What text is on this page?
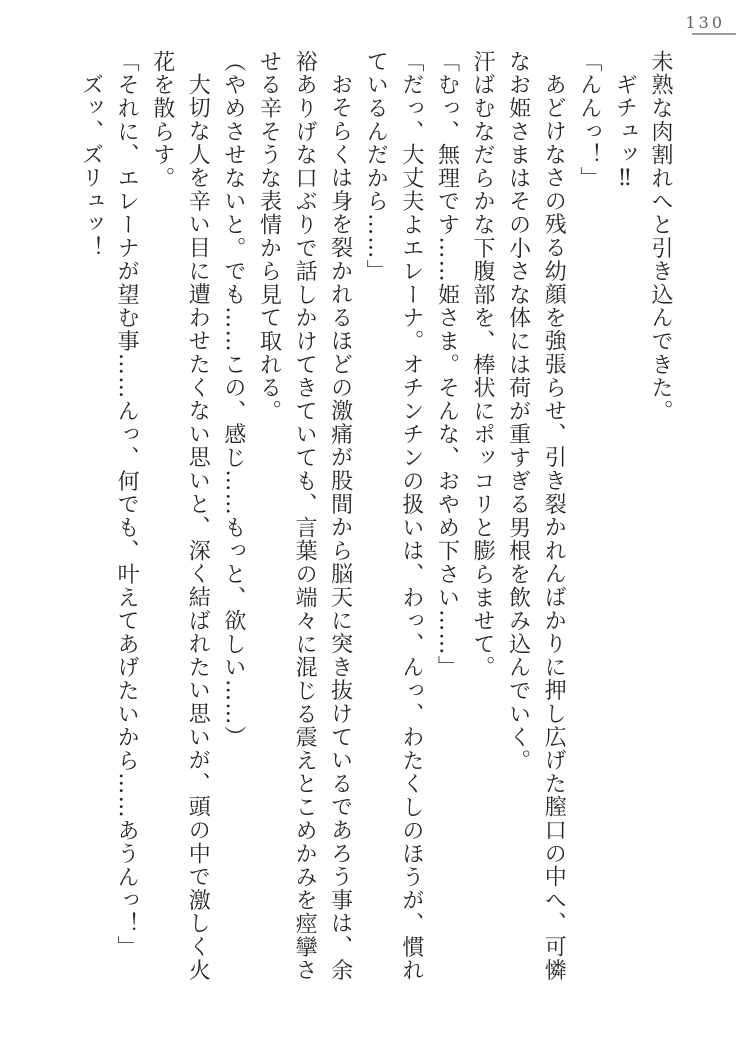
130

未熟な肉割れへと引き込んできた。

ギチュッ‼

「んんっ！」

あどけなさの残る幼顔を強張らせ、引き裂かれんばかりに押し広げた膣口の中へ、可憐なお姫さまはその小さな体には荷が重すぎる男根を飲み込んでいく。

汗ばむなだらかな下腹部を、棒状にポッコリと膨らませて。

「むっ、無理です……姫さま。そんな、おやめ下さい……」

「だっ、大丈夫よエレーナ。オチンチンの扱いは、わっ、んっ、わたくしのほうが、慣れているんだから……」

おそらくは身を裂かれるほどの激痛が股間から脳天に突き抜けているであろう事は、余裕ありげな口ぶりで話しかけてきていても、言葉の端々に混じる震えとこめかみを痙攣させる辛そうな表情から見て取れる。

（やめさせないと。でも……この、感じ……もっと、欲しい……）

大切な人を辛い目に遭わせたくない思いと、深く結ばれたい思いが、頭の中で激しく火花を散らす。

「それに、エレーナが望む事……んっ、何でも、叶えてあげたいから……あうんっ！」

ズッ、ズリュッ！
